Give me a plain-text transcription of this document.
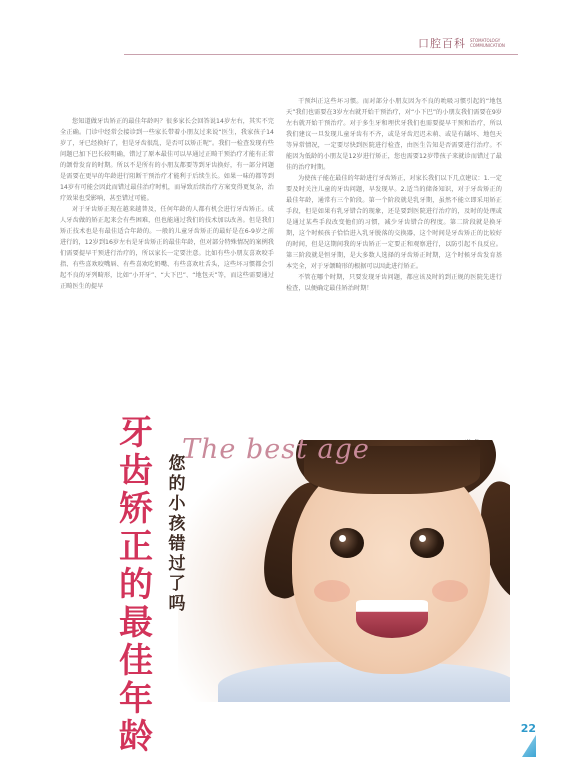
口腔百科 STOMATOLOGY COMMUNICATION

您知道做牙齿矫正的最佳年龄吗？很多家长会回答说14岁左右，其实不完全正确。门诊中经常会接诊到一些家长带着小朋友过来说“医生，我家孩子14岁了，牙已经换好了，但是牙齿很乱，是否可以矫正呢”。我们一检查发现有些问题已加下巴长较明确，错过了原本最佳可以早通过正畸干预治疗才能有正常的颌骨发育的时期。所以不是所有的小朋友都要等到牙齿换好，有一部分问题是需要在更早的年龄进行阻断干预治疗才能利于后续生长。如果一味的都等到14岁有可能会因此而错过最佳治疗时机，而导致后续治疗方案变得更复杂，治疗效果也受影响，甚至错过可能。

对于牙齿矫正现在越来越普及，任何年龄的人都有机会进行牙齿矫正。成人牙齿做的矫正起来会有些困难，但也能通过我们的技术加以改善。但是我们矫正技术也是有最佳适合年龄的。一般的儿童牙齿矫正的最好是在6-9岁之前进行的，12岁到16岁左右是牙齿矫正的最佳年龄，但对部分特殊情况的案例我们需要提早干预进行治疗的，所以家长一定要注意。比如有些小朋友喜欢咬手指、有些喜欢咬嘴唇、有些喜欢吃奶嘴、有些喜欢吐舌头，这些坏习惯都会引起不良的牙列畸形，比如“小开牙”、“大下巴”、“地包天”等，而这些需要通过正畸医生的提早

干预纠正这些坏习惯。而对部分小朋友因为不良的吮吸习惯引起的“地包天”我们也需要在3岁左右就开始干预治疗，对“小下巴”的小朋友我们需要在9岁左右就开始干预治疗。对于多生牙和埋伏牙我们也需要提早干预和治疗，所以我们建议一旦发现儿童牙齿有不齐，或是牙齿迟迟未萌、或是有龋坏、地包天等异常情况，一定要尽快到医院进行检查，由医生告知是否需要进行治疗。不能因为低龄的小朋友是12岁进行矫正，您也需要12岁带孩子来就诊而错过了最佳的治疗时期。

为使孩子能在最佳的年龄进行牙齿矫正，对家长我们以下几点建议：1.一定要及时关注儿童的牙齿问题，早发现早。2.适当的储备知识，对于牙齿矫正的最佳年龄，通常有三个阶段。第一个阶段就是乳牙期，虽然不能立即采用矫正手段，但是如果有乳牙错合的现象，还是要到医院进行治疗的，及时的处理或是通过某些手段改变他们的习惯，减少牙齿错合的程度。第二阶段就是换牙期，这个时候孩子恰恰进入乳牙脱落的交换器，这个时间是牙齿矫正的比较好的时间，但是这期间我的牙齿矫正一定要正和观察进行，以防引起不良反应。第三阶段就是恒牙期，是大多数人选择的牙齿矫正时期，这个时候牙齿发育基本完全，对于牙颌畸形的根据可以因此进行矫正。

不管在哪个时期，只要发现牙齿问题，都应该及时的到正规的医院先进行检查，以便确定最佳矫治时期！

The best age
牙
齿
矫
正
的
最
佳
年
龄
您
的
小
孩
错
过
了
吗
22
